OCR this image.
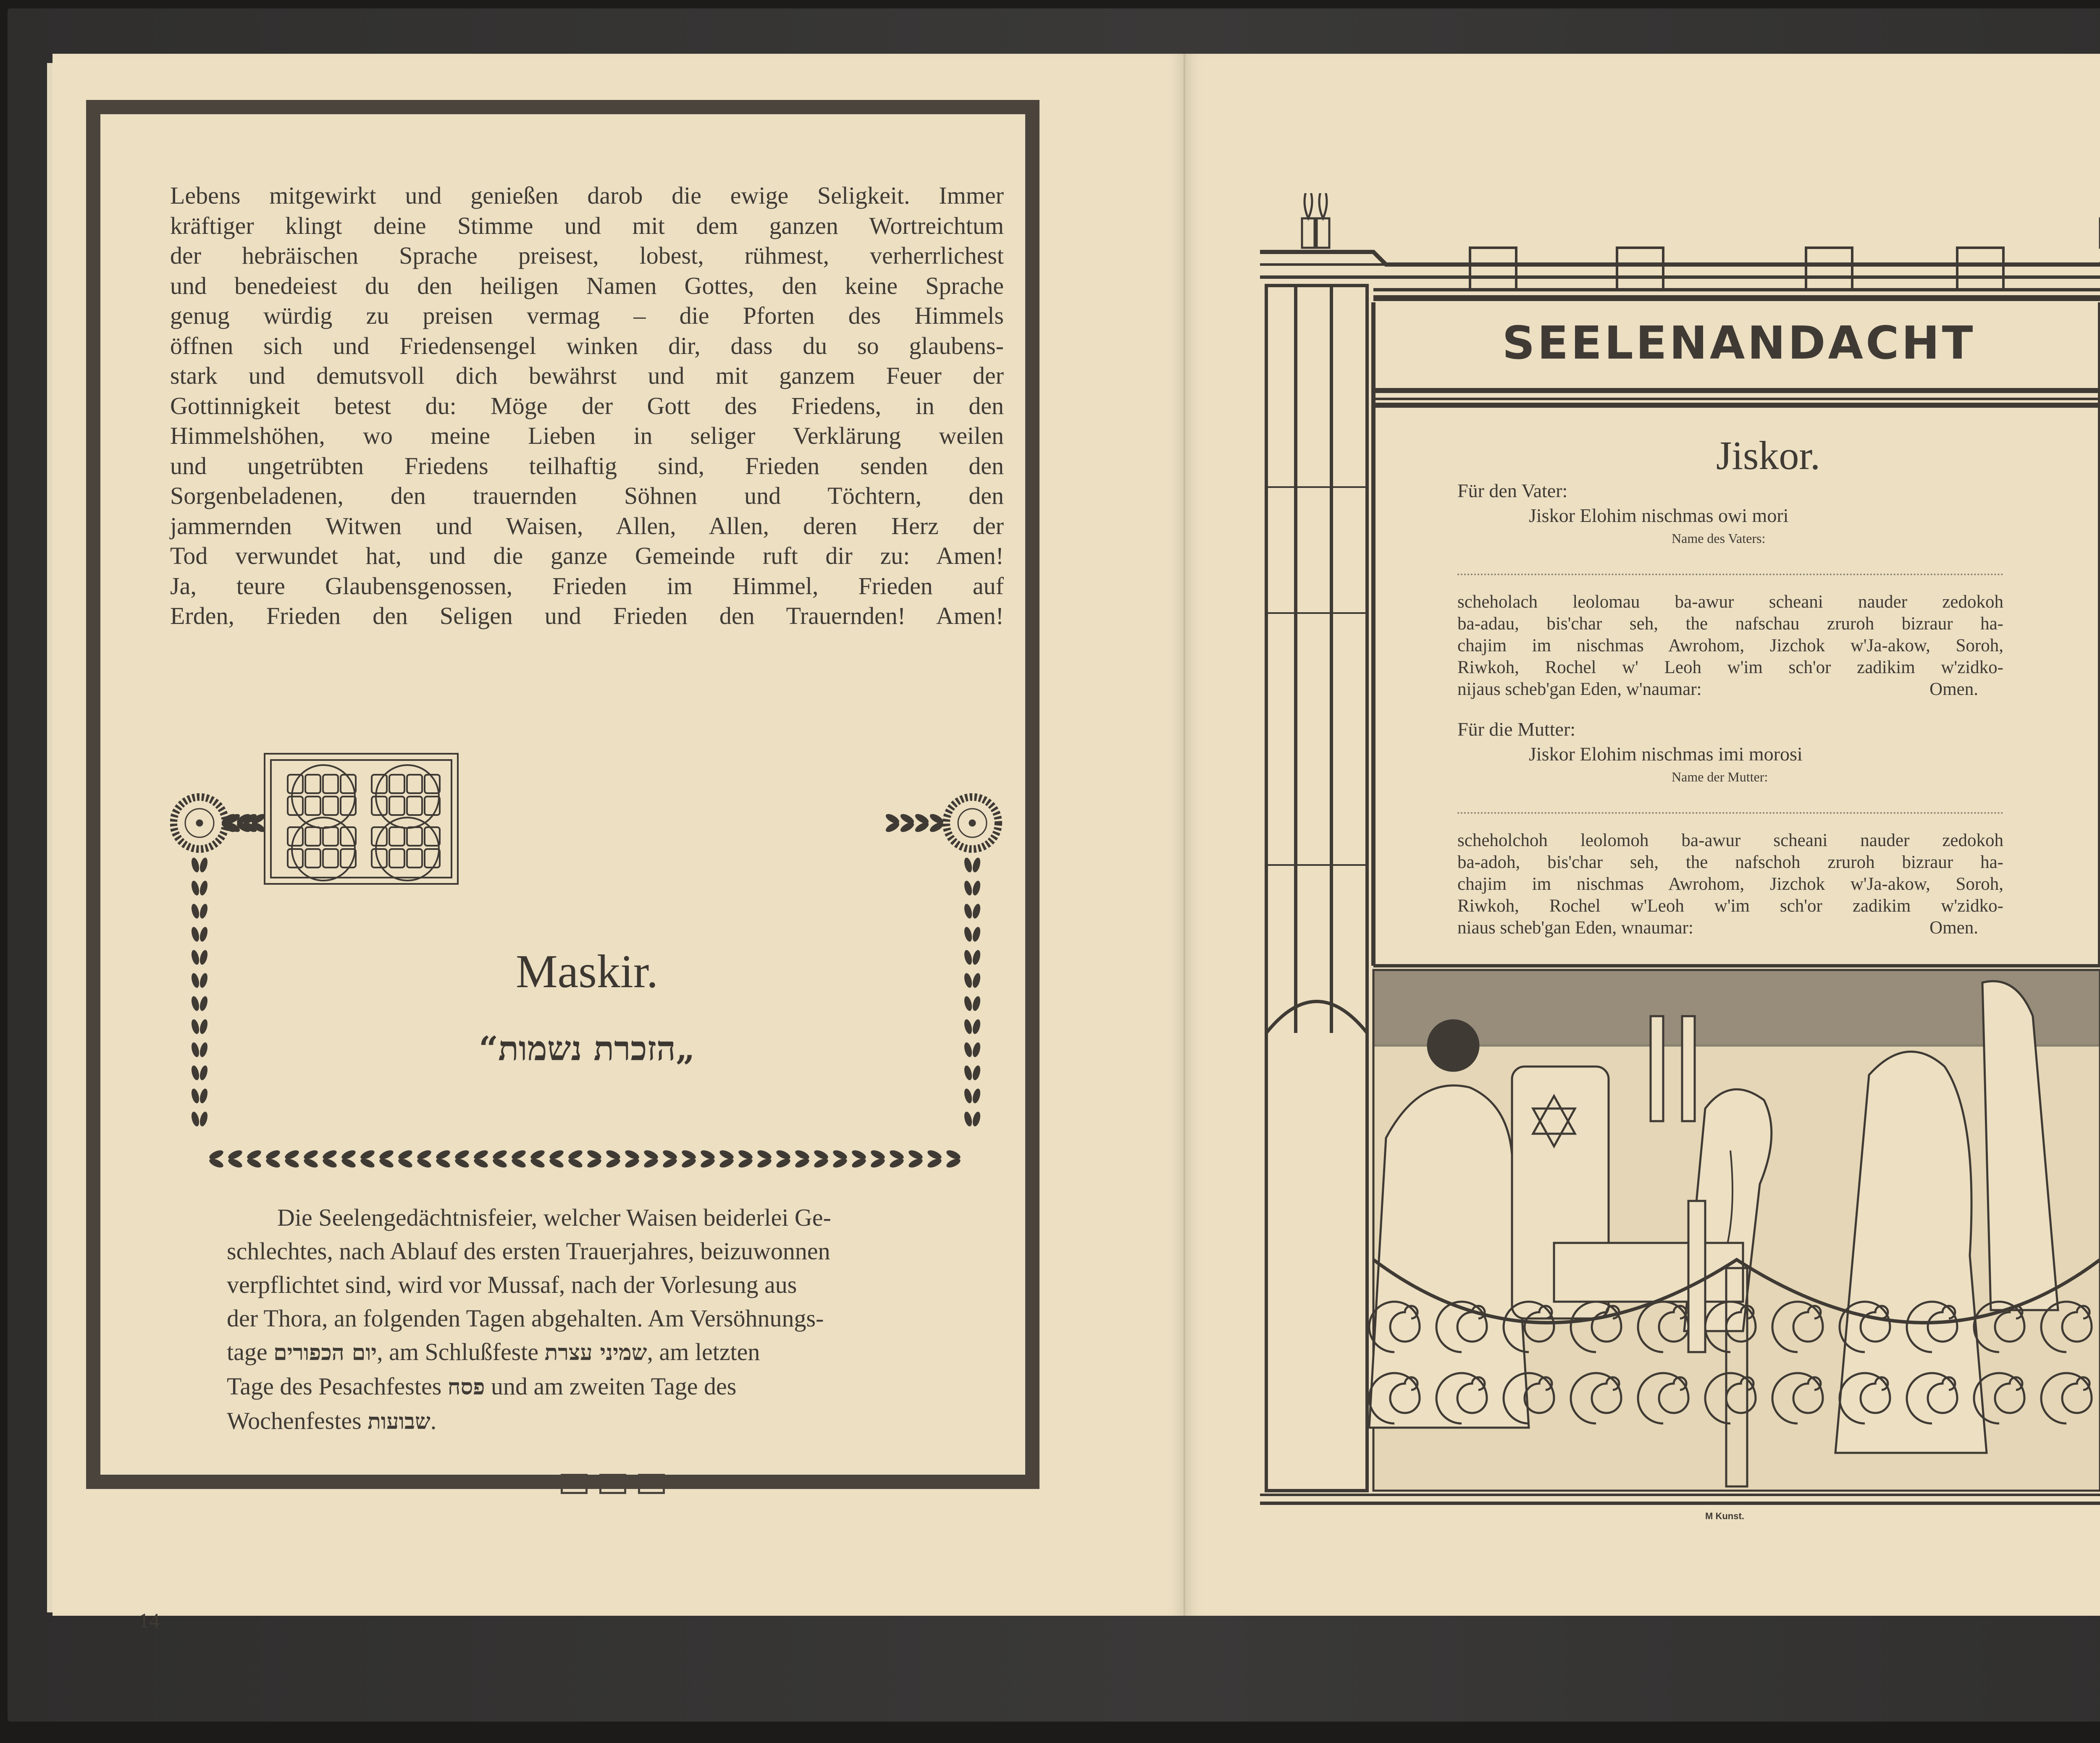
Lebens mitgewirkt und genießen darob die ewige Seligkeit. Immer

kräftiger klingt deine Stimme und mit dem ganzen Wortreichtum

der hebräischen Sprache preisest, lobest, rühmest, verherrlichest

und benedeiest du den heiligen Namen Gottes, den keine Sprache

genug würdig zu preisen vermag – die Pforten des Himmels

öffnen sich und Friedensengel winken dir, dass du so glaubens-

stark und demutsvoll dich bewährst und mit ganzem Feuer der

Gottinnigkeit betest du: Möge der Gott des Friedens, in den

Himmelshöhen, wo meine Lieben in seliger Verklärung weilen

und ungetrübten Friedens teilhaftig sind, Frieden senden den

Sorgenbeladenen, den trauernden Söhnen und Töchtern, den

jammernden Witwen und Waisen, Allen, Allen, deren Herz der

Tod verwundet hat, und die ganze Gemeinde ruft dir zu: Amen!

Ja, teure Glaubensgenossen, Frieden im Himmel, Frieden auf

Erden, Frieden den Seligen und Frieden den Trauernden! Amen!

Maskir.
„הזכרת נשמות“
Die Seelengedächtnisfeier, welcher Waisen beiderlei Ge-
schlechtes, nach Ablauf des ersten Trauerjahres, beizuwonnen
verpflichtet sind, wird vor Mussaf, nach der Vorlesung aus
der Thora, an folgenden Tagen abgehalten. Am Versöhnungs-
tage יום הכפורים, am Schlußfeste שמיני עצרת, am letzten
Tage des Pesachfestes פסח und am zweiten Tage des
Wochenfestes שבועות.
14
SEELENANDACHT
Jiskor.
Für den Vater:
Jiskor Elohim nischmas owi mori
Name des Vaters:

scheholach leolomau ba-awur scheani nauder zedokoh

ba-adau, bis'char seh, the nafschau zruroh bizraur ha-

chajim im nischmas Awrohom, Jizchok w'Ja-akow, Soroh,

Riwkoh, Rochel w' Leoh w'im sch'or zadikim w'zidko-

nijaus scheb'gan Eden, w'naumar:	Omen.

Für die Mutter:
Jiskor Elohim nischmas imi morosi
Name der Mutter:

scheholchoh leolomoh ba-awur scheani nauder zedokoh

ba-adoh, bis'char seh, the nafschoh zruroh bizraur ha-

chajim im nischmas Awrohom, Jizchok w'Ja-akow, Soroh,

Riwkoh, Rochel w'Leoh w'im sch'or zadikim w'zidko-

niaus scheb'gan Eden, wnaumar:	Omen.

M Kunst.
